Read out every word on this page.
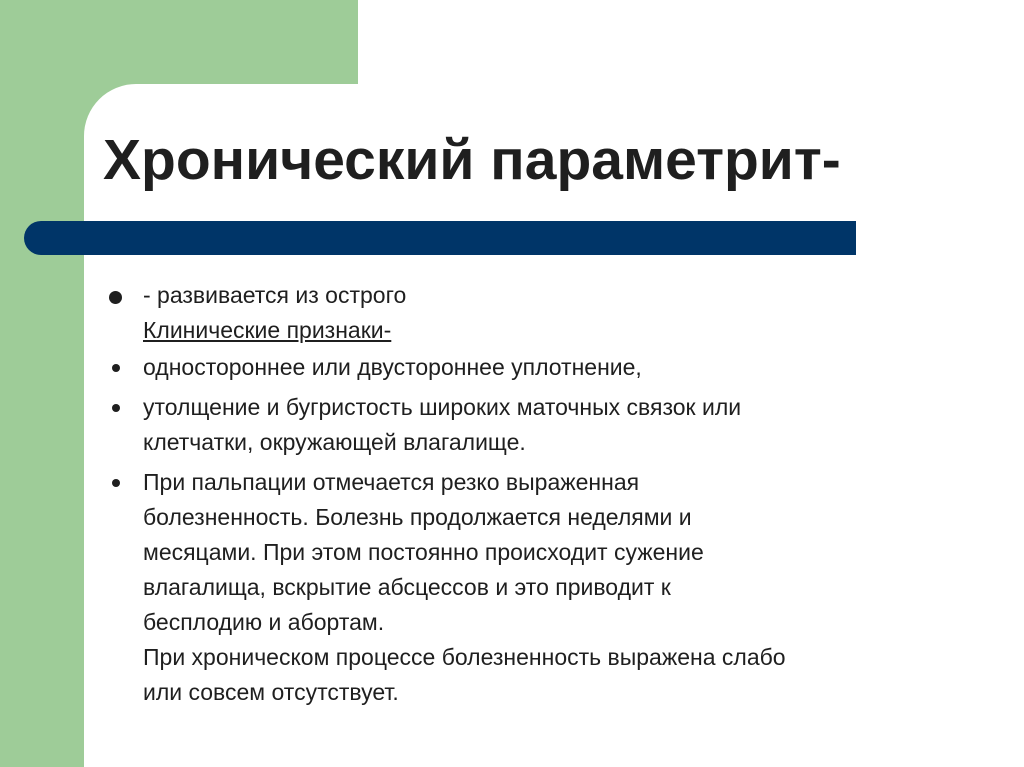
Хронический параметрит-
- развивается из острого
Клинические признаки-
одностороннее или двустороннее уплотнение,
утолщение и бугристость широких маточных связок или
клетчатки, окружающей влагалище.
При пальпации отмечается резко выраженная
болезненность. Болезнь продолжается неделями и
месяцами. При этом постоянно происходит сужение
влагалища, вскрытие абсцессов и это приводит к
бесплодию и абортам.
При хроническом процессе болезненность выражена слабо
или совсем отсутствует.
